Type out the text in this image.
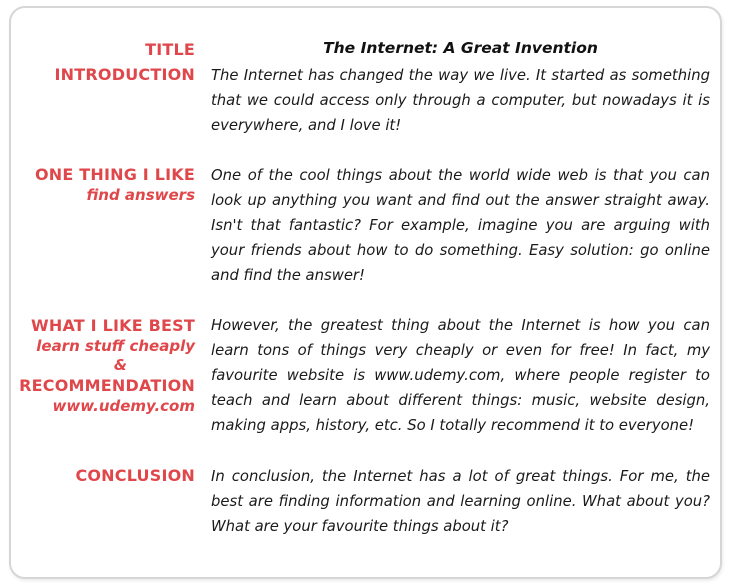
TITLE
INTRODUCTION
ONE THING I LIKE
find answers
WHAT I LIKE BEST
learn stuff cheaply
&
RECOMMENDATION
www.udemy.com
CONCLUSION
The Internet: A Great Invention

The Internet has changed the way we live. It started as something that we could access only through a computer, but nowadays it is everywhere, and I love it!

One of the cool things about the world wide web is that you can look up anything you want and find out the answer straight away. Isn't that fantastic? For example, imagine you are arguing with your friends about how to do something. Easy solution: go online and find the answer!

However, the greatest thing about the Internet is how you can learn tons of things very cheaply or even for free! In fact, my favourite website is www.udemy.com, where people register to teach and learn about different things: music, website design, making apps, history, etc. So I totally recommend it to everyone!

In conclusion, the Internet has a lot of great things. For me, the best are finding information and learning online. What about you? What are your favourite things about it?
